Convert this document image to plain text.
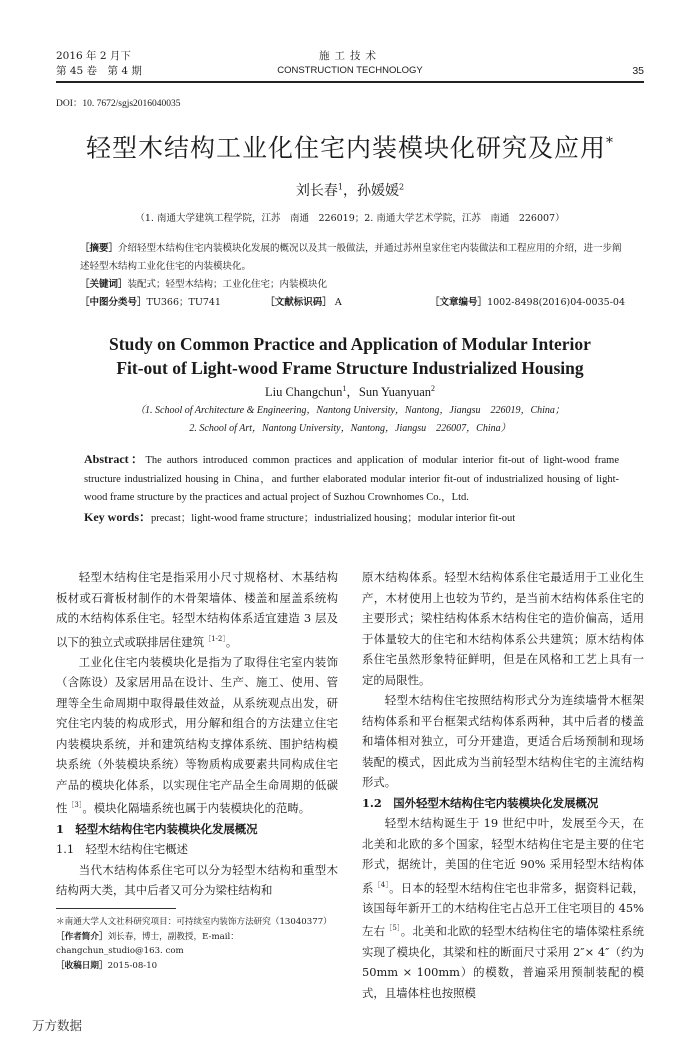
2016 年 2 月下
第 45 卷　第 4 期
施工技术
CONSTRUCTION TECHNOLOGY	35
DOI：10. 7672/sgjs2016040035
轻型木结构工业化住宅内装模块化研究及应用*
刘长春$^1$，孙媛媛$^2$
（1. 南通大学建筑工程学院，江苏　南通　226019；2. 南通大学艺术学院，江苏　南通　226007）

［摘要］介绍轻型木结构住宅内装模块化发展的概况以及其一般做法，并通过苏州皇家住宅内装做法和工程应用的介绍，进一步阐述轻型木结构工业化住宅的内装模块化。

［关键词］装配式；轻型木结构；工业化住宅；内装模块化

［中图分类号］TU366；TU741	［文献标识码］ A	［文章编号］1002-8498(2016)04-0035-04

Study on Common Practice and Application of Modular Interior
Fit-out of Light-wood Frame Structure Industrialized Housing
Liu Changchun$^1$，Sun Yuanyuan$^2$
（1. School of Architecture & Engineering，Nantong University，Nantong，Jiangsu　226019，China；
2. School of Art，Nantong University，Nantong，Jiangsu　226007，China）

Abstract：The authors introduced common practices and application of modular interior fit-out of light-wood frame structure industrialized housing in China，and further elaborated modular interior fit-out of industrialized housing of light-wood frame structure by the practices and actual project of Suzhou Crownhomes Co.，Ltd.

Key words：precast；light-wood frame structure；industrialized housing；modular interior fit-out

轻型木结构住宅是指采用小尺寸规格材、木基结构板材或石膏板材制作的木骨架墙体、楼盖和屋盖系统构成的木结构体系住宅。轻型木结构体系适宜建造 3 层及以下的独立式或联排居住建筑$^{[1-2]}$。

工业化住宅内装模块化是指为了取得住宅室内装饰（含陈设）及家居用品在设计、生产、施工、使用、管理等全生命周期中取得最佳效益，从系统观点出发，研究住宅内装的构成形式，用分解和组合的方法建立住宅内装模块系统，并和建筑结构支撑体系统、围护结构模块系统（外装模块系统）等物质构成要素共同构成住宅产品的模块化体系，以实现住宅产品全生命周期的低碳性$^{[3]}$。模块化隔墙系统也属于内装模块化的范畴。

1　轻型木结构住宅内装模块化发展概况
1.1　轻型木结构住宅概述

当代木结构体系住宅可以分为轻型木结构和重型木结构两大类，其中后者又可分为梁柱结构和

原木结构体系。轻型木结构体系住宅最适用于工业化生产，木材使用上也较为节约，是当前木结构体系住宅的主要形式；梁柱结构体系木结构住宅的造价偏高，适用于体量较大的住宅和木结构体系公共建筑；原木结构体系住宅虽然形象特征鲜明，但是在风格和工艺上具有一定的局限性。

轻型木结构住宅按照结构形式分为连续墙骨木框架结构体系和平台框架式结构体系两种，其中后者的楼盖和墙体相对独立，可分开建造，更适合后场预制和现场装配的模式，因此成为当前轻型木结构住宅的主流结构形式。

1.2　国外轻型木结构住宅内装模块化发展概况

轻型木结构诞生于 19 世纪中叶，发展至今天，在北美和北欧的多个国家，轻型木结构住宅是主要的住宅形式，据统计，美国的住宅近 90% 采用轻型木结构体系$^{[4]}$。日本的轻型木结构住宅也非常多，据资料记载，该国每年新开工的木结构住宅占总开工住宅项目的 45% 左右$^{[5]}$。北美和北欧的轻型木结构住宅的墙体梁柱系统实现了模块化，其梁和柱的断面尺寸采用 2″× 4″（约为 50mm × 100mm）的模数，普遍采用预制装配的模式，且墙体柱也按照模

＊南通大学人文社科研究项目：可持续室内装饰方法研究（13040377）

［作者简介］刘长春，博士，副教授，E-mail：changchun_studio@163. com

［收稿日期］2015-08-10

万方数据
